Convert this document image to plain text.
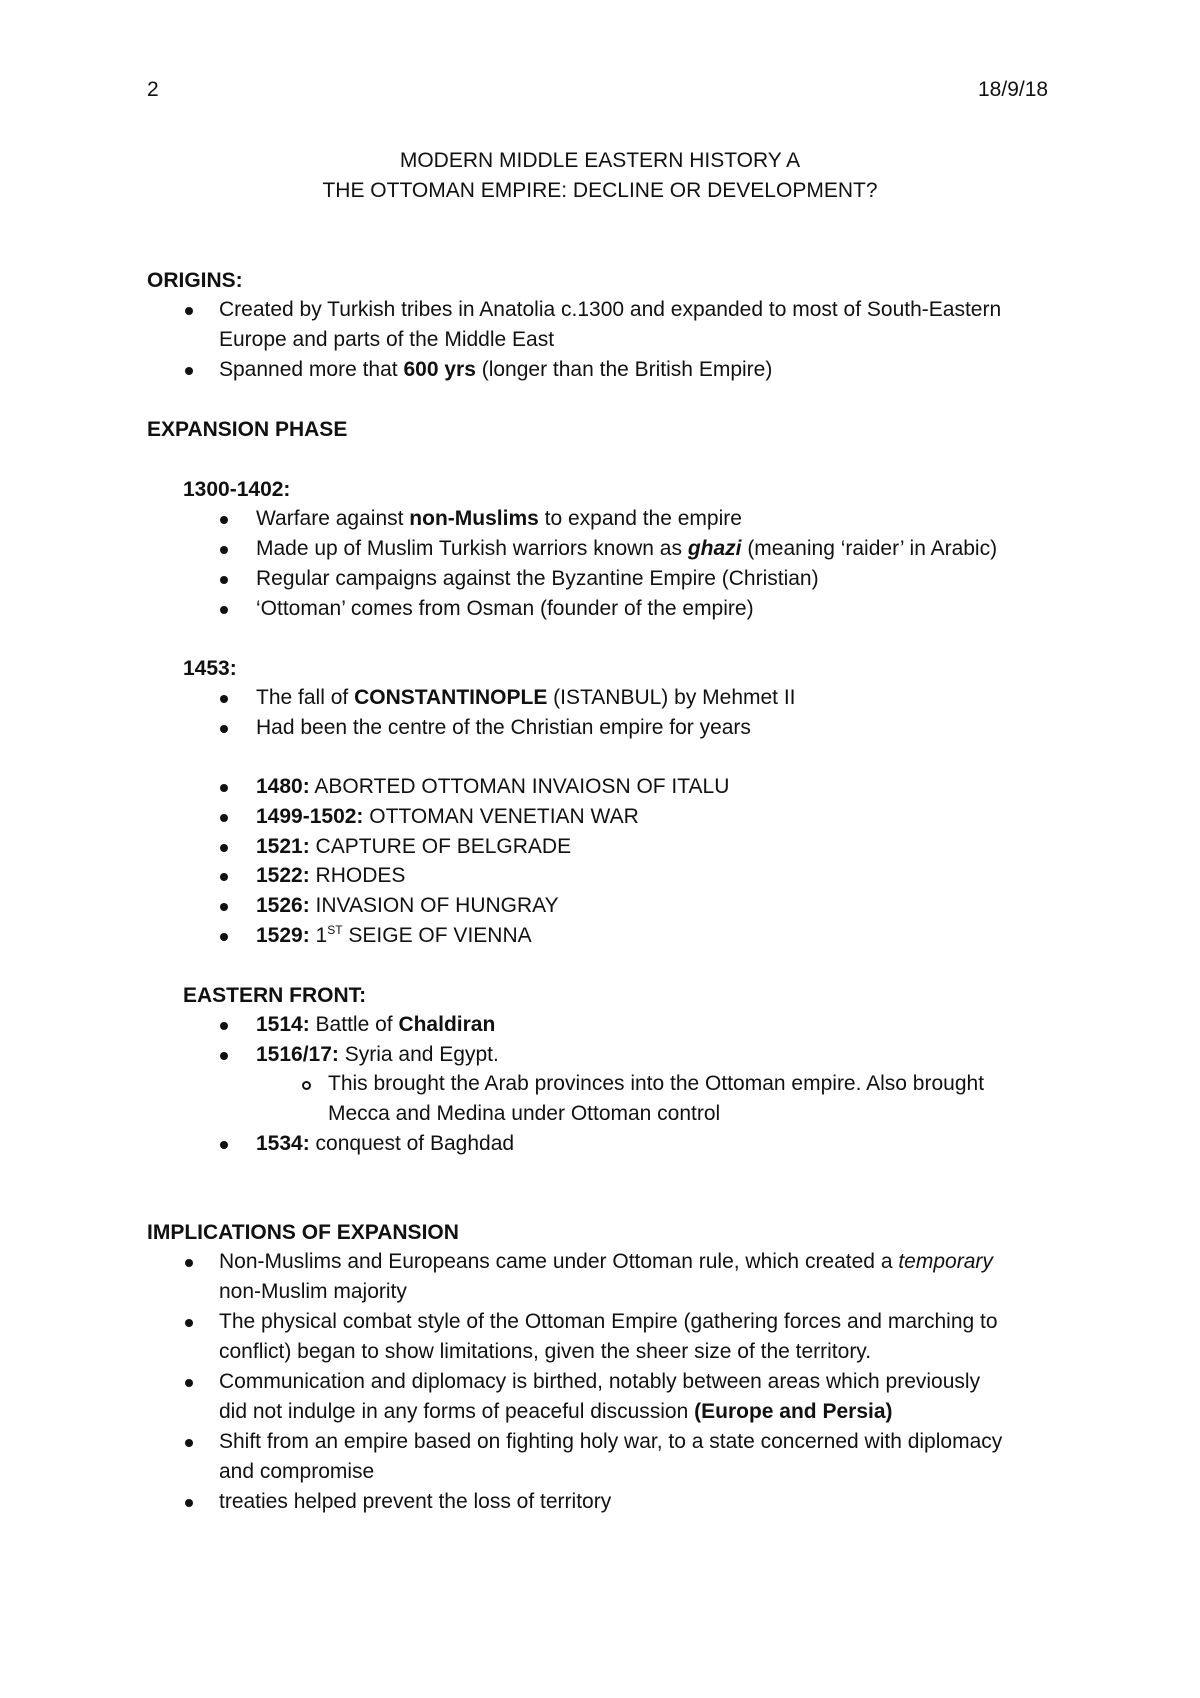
2	18/9/18
MODERN MIDDLE EASTERN HISTORY A
THE OTTOMAN EMPIRE: DECLINE OR DEVELOPMENT?
ORIGINS:
Created by Turkish tribes in Anatolia c.1300 and expanded to most of South-Eastern
Europe and parts of the Middle East
Spanned more that 600 yrs (longer than the British Empire)
EXPANSION PHASE
1300-1402:
Warfare against non-Muslims to expand the empire
Made up of Muslim Turkish warriors known as ghazi (meaning ‘raider’ in Arabic)
Regular campaigns against the Byzantine Empire (Christian)
‘Ottoman’ comes from Osman (founder of the empire)
1453:
The fall of CONSTANTINOPLE (ISTANBUL) by Mehmet II
Had been the centre of the Christian empire for years
1480: ABORTED OTTOMAN INVAIOSN OF ITALU
1499-1502: OTTOMAN VENETIAN WAR
1521: CAPTURE OF BELGRADE
1522: RHODES
1526: INVASION OF HUNGRAY
1529: 1ST SEIGE OF VIENNA
EASTERN FRONT:
1514: Battle of Chaldiran
1516/17: Syria and Egypt.
This brought the Arab provinces into the Ottoman empire. Also brought
Mecca and Medina under Ottoman control
1534: conquest of Baghdad
IMPLICATIONS OF EXPANSION
Non-Muslims and Europeans came under Ottoman rule, which created a temporary
non-Muslim majority
The physical combat style of the Ottoman Empire (gathering forces and marching to
conflict) began to show limitations, given the sheer size of the territory.
Communication and diplomacy is birthed, notably between areas which previously
did not indulge in any forms of peaceful discussion (Europe and Persia)
Shift from an empire based on fighting holy war, to a state concerned with diplomacy
and compromise
treaties helped prevent the loss of territory
